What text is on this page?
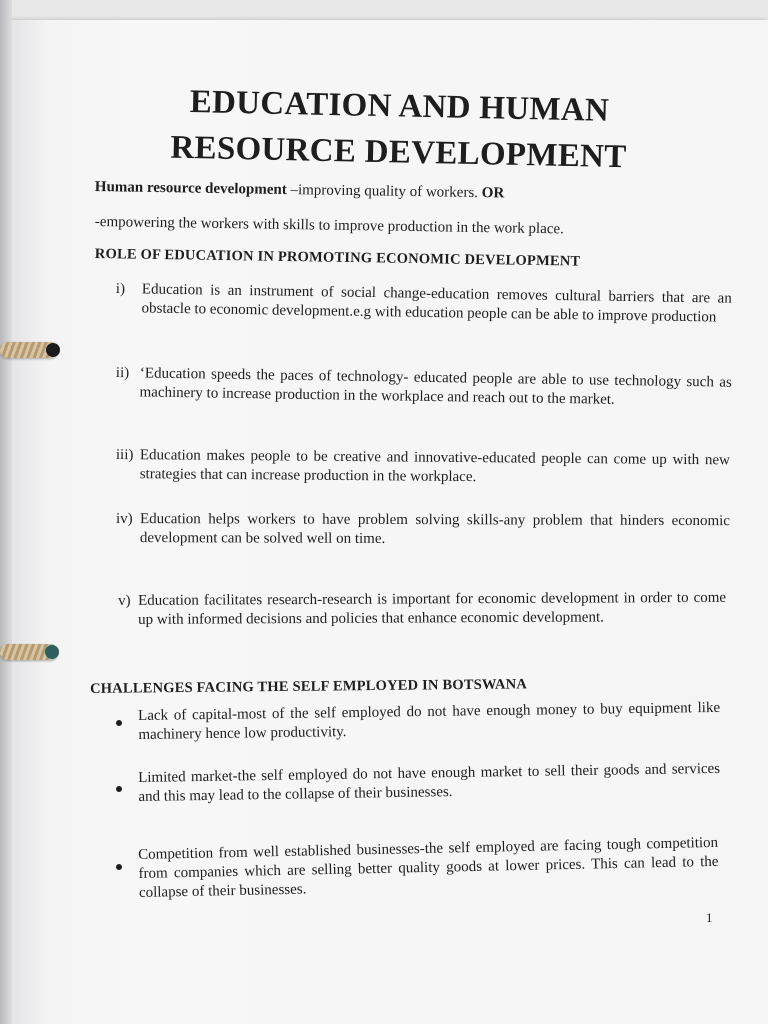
EDUCATION AND HUMAN
RESOURCE DEVELOPMENT
Human resource development –improving quality of workers. OR
-empowering the workers with skills to improve production in the work place.
ROLE OF EDUCATION IN PROMOTING ECONOMIC DEVELOPMENT
i) Education is an instrument of social change-education removes cultural barriers that are an obstacle to economic development.e.g with education people can be able to improve production
ii) ‘Education speeds the paces of technology- educated people are able to use technology such as machinery to increase production in the workplace and reach out to the market.
iii) Education makes people to be creative and innovative-educated people can come up with new strategies that can increase production in the workplace.
iv) Education helps workers to have problem solving skills-any problem that hinders economic development can be solved well on time.
v) Education facilitates research-research is important for economic development in order to come up with informed decisions and policies that enhance economic development.
CHALLENGES FACING THE SELF EMPLOYED IN BOTSWANA
Lack of capital-most of the self employed do not have enough money to buy equipment like machinery hence low productivity.
Limited market-the self employed do not have enough market to sell their goods and services and this may lead to the collapse of their businesses.
Competition from well established businesses-the self employed are facing tough competition from companies which are selling better quality goods at lower prices. This can lead to the collapse of their businesses.
1
